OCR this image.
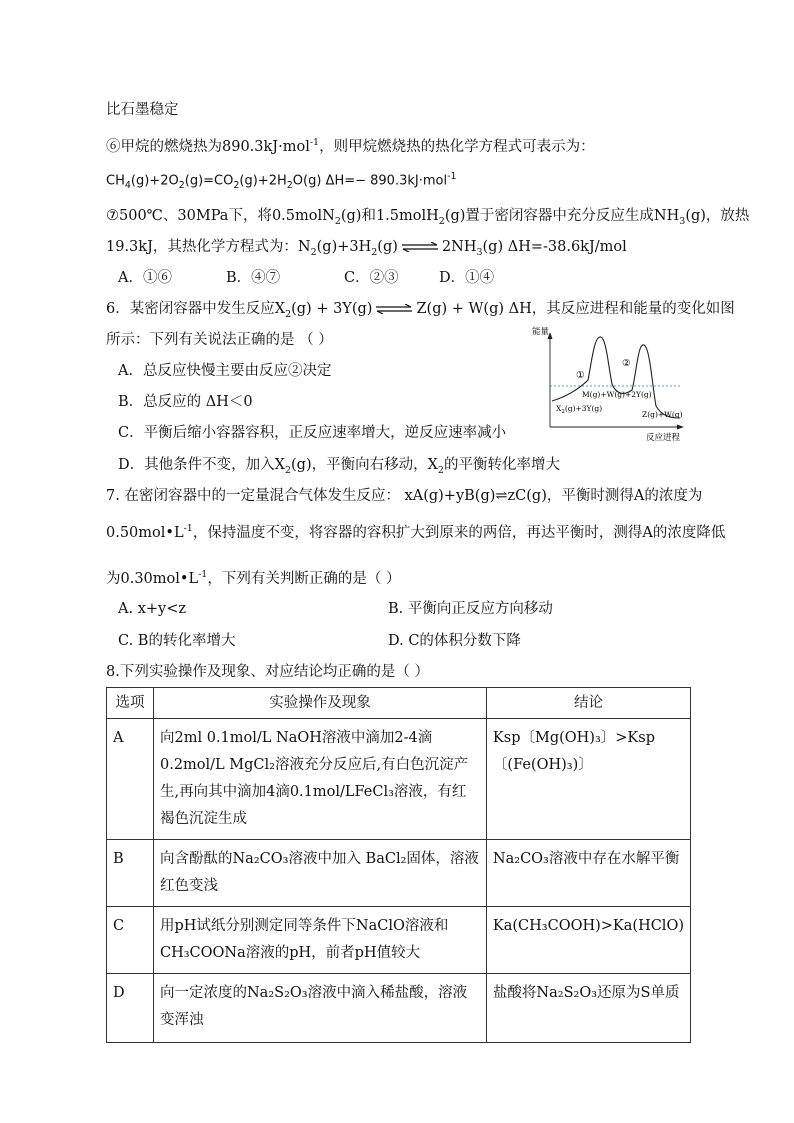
比石墨稳定
⑥甲烷的燃烧热为890.3kJ·mol$^{-1}$，则甲烷燃烧热的热化学方程式可表示为：
$CH_4(g)+2O_2(g)=CO_2(g)+2H_2O(g)$ ΔH=− 890.3kJ·mol$^{-1}$
⑦500℃、30MPa下，将0.5molN$_2$(g)和1.5molH$_2$(g)置于密闭容器中充分反应生成$NH_3(g)$，放热
19.3kJ，其热化学方程式为：$N_2(g)+3H_2(g)$ ⇌ $2NH_3(g)$ ΔH=-38.6kJ/mol
A．①⑥	B．④⑦	C．②③	D．①④
6．某密闭容器中发生反应$X_2(g) + 3Y(g)$ ⇌ Z(g) + W(g) ΔH，其反应进程和能量的变化如图
所示：下列有关说法正确的是 （ ）
A．总反应快慢主要由反应②决定
B．总反应的 ΔH＜0
C．平衡后缩小容器容积，正反应速率增大，逆反应速率减小
D．其他条件不变，加入$X_2(g)$，平衡向右移动，$X_2$的平衡转化率增大
能量
反应进程
①
②
M(g)+W(g)+2Y(g)
$X_2(g)+3Y(g)$
Z(g)+W(g)
7. 在密闭容器中的一定量混合气体发生反应： xA(g)+yB(g)⇌zC(g)，平衡时测得A的浓度为
$0.50mol•L^{-1}$，保持温度不变，将容器的容积扩大到原来的两倍，再达平衡时，测得A的浓度降低
为$0.30mol•L^{-1}$，下列有关判断正确的是（ ）
A. x+y<z	B. 平衡向正反应方向移动
C. B的转化率增大	D. C的体积分数下降
8.下列实验操作及现象、对应结论均正确的是（ ）
选项	实验操作及现象	结论
A	向2ml 0.1mol/L NaOH溶液中滴加2-4滴0.2mol/L MgCl₂溶液充分反应后,有白色沉淀产生,再向其中滴加4滴0.1mol/LFeCl₃溶液，有红褐色沉淀生成	Ksp〔Mg(OH)₃〕>Ksp〔(Fe(OH)₃)〕
B	向含酚酞的Na₂CO₃溶液中加入 BaCl₂固体，溶液红色变浅	Na₂CO₃溶液中存在水解平衡
C	用pH试纸分别测定同等条件下NaClO溶液和CH₃COONa溶液的pH，前者pH值较大	Ka(CH₃COOH)>Ka(HClO)
D	向一定浓度的Na₂S₂O₃溶液中滴入稀盐酸，溶液变浑浊	盐酸将Na₂S₂O₃还原为S单质
